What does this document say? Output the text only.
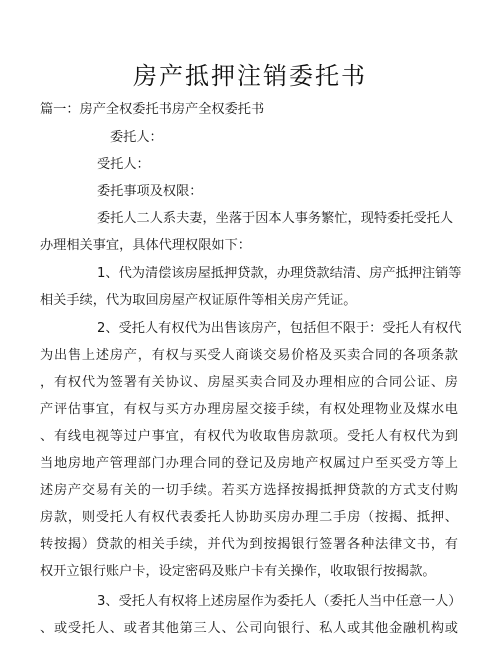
房产抵押注销委托书
篇一：房产全权委托书房产全权委托书
委托人：
受托人：
委托事项及权限：
委托人二人系夫妻，坐落于因本人事务繁忙，现特委托受托人
办理相关事宜，具体代理权限如下：
1、代为清偿该房屋抵押贷款，办理贷款结清、房产抵押注销等
相关手续，代为取回房屋产权证原件等相关房产凭证。
2、受托人有权代为出售该房产，包括但不限于：受托人有权代
为出售上述房产，有权与买受人商谈交易价格及买卖合同的各项条款
，有权代为签署有关协议、房屋买卖合同及办理相应的合同公证、房
产评估事宜，有权与买方办理房屋交接手续，有权处理物业及煤水电
、有线电视等过户事宜，有权代为收取售房款项。受托人有权代为到
当地房地产管理部门办理合同的登记及房地产权属过户至买受方等上
述房产交易有关的一切手续。若买方选择按揭抵押贷款的方式支付购
房款，则受托人有权代表委托人协助买房办理二手房（按揭、抵押、
转按揭）贷款的相关手续，并代为到按揭银行签署各种法律文书，有
权开立银行账户卡，设定密码及账户卡有关操作，收取银行按揭款。
3、受托人有权将上述房屋作为委托人（委托人当中任意一人）
、或受托人、或者其他第三人、公司向银行、私人或其他金融机构或
